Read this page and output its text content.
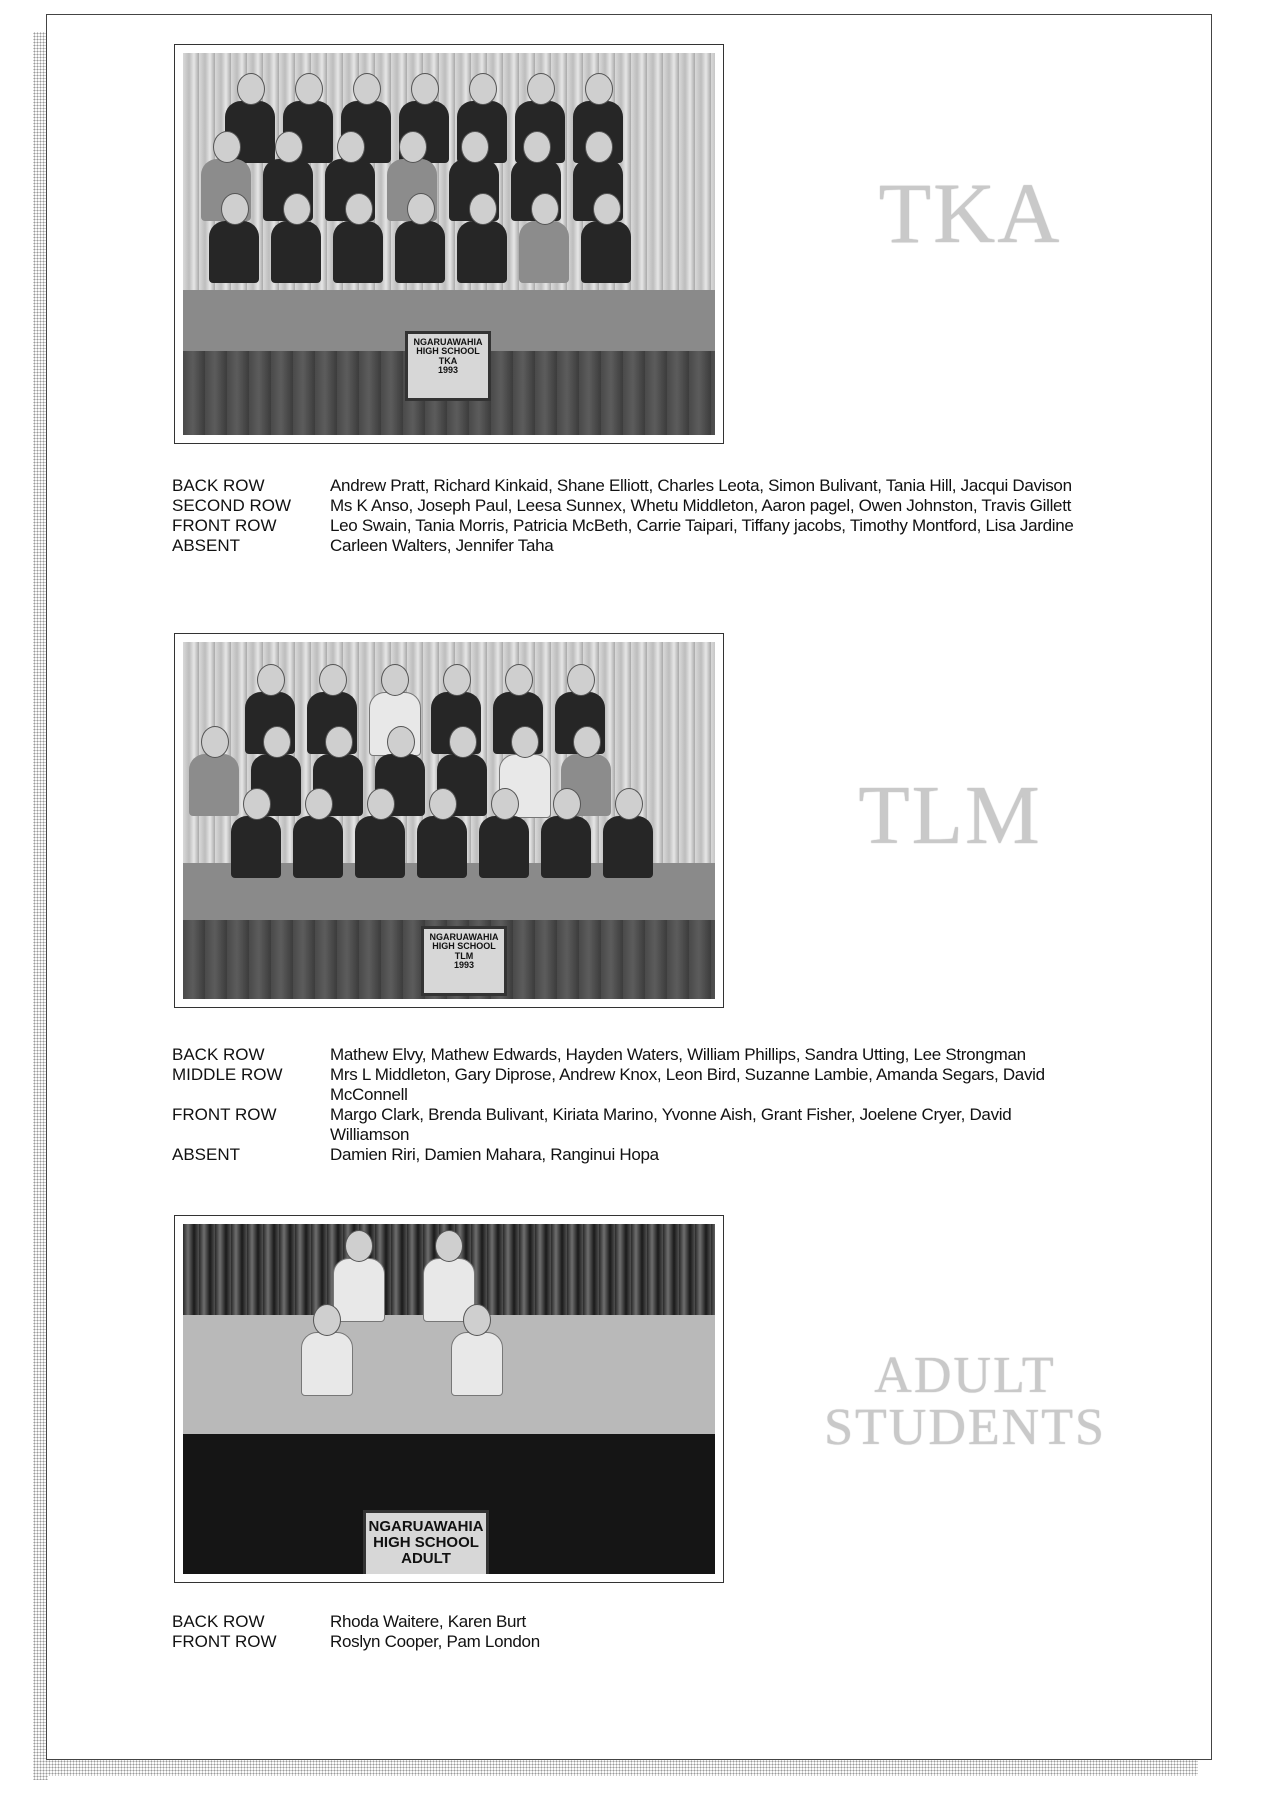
NGARUAWAHIA
HIGH SCHOOL
TKA
1993
TKA
BACK ROW	Andrew Pratt, Richard Kinkaid, Shane Elliott, Charles Leota, Simon Bulivant, Tania Hill, Jacqui Davison
SECOND ROW	Ms K Anso, Joseph Paul, Leesa Sunnex, Whetu Middleton, Aaron pagel, Owen Johnston, Travis Gillett
FRONT ROW	Leo Swain, Tania Morris, Patricia McBeth, Carrie Taipari, Tiffany jacobs, Timothy Montford, Lisa Jardine
ABSENT	Carleen Walters, Jennifer Taha
NGARUAWAHIA
HIGH SCHOOL
TLM
1993
TLM
BACK ROW	Mathew Elvy, Mathew Edwards, Hayden Waters, William Phillips, Sandra Utting, Lee Strongman
MIDDLE ROW	Mrs L Middleton, Gary Diprose, Andrew Knox, Leon Bird, Suzanne Lambie, Amanda Segars, David McConnell
FRONT ROW	Margo Clark, Brenda Bulivant, Kiriata Marino, Yvonne Aish, Grant Fisher, Joelene Cryer, David Williamson
ABSENT	Damien Riri, Damien Mahara, Ranginui Hopa
NGARUAWAHIA
HIGH SCHOOL
ADULT
ADULT
STUDENTS
BACK ROW	Rhoda Waitere, Karen Burt
FRONT ROW	Roslyn Cooper, Pam London
